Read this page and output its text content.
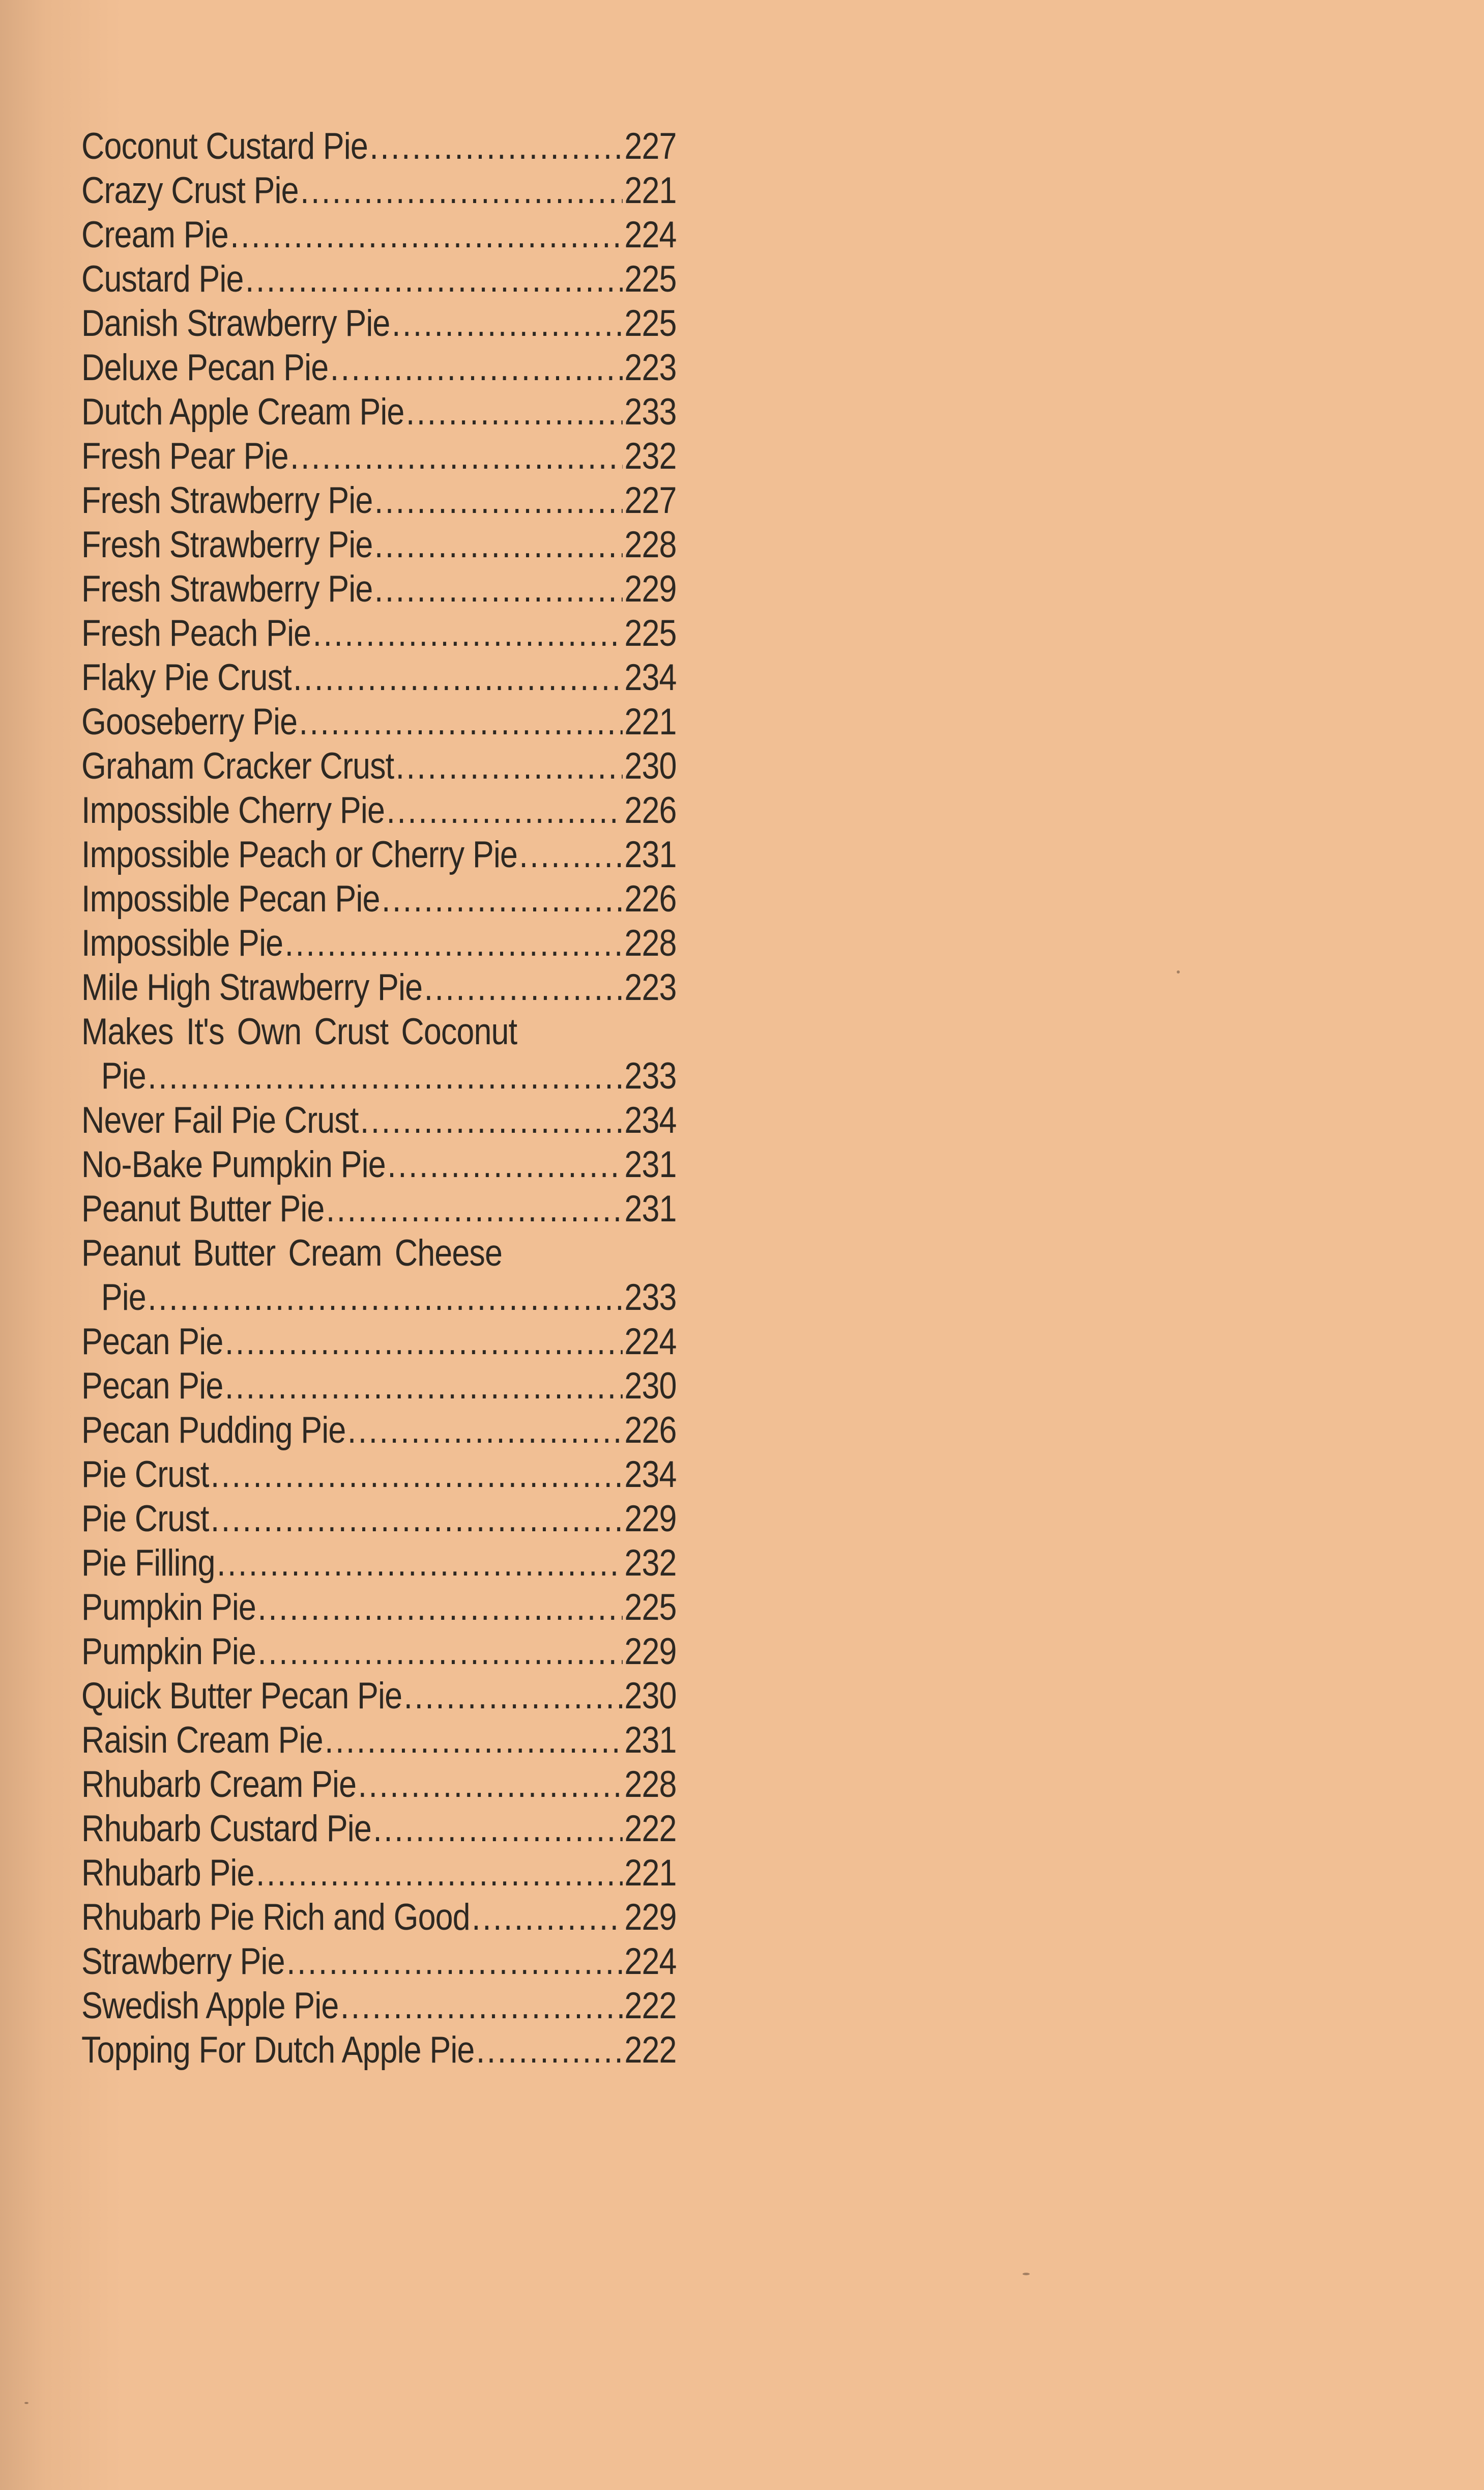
Coconut Custard Pie .....	227
Crazy Crust Pie .....	221
Cream Pie .....	224
Custard Pie .....	225
Danish Strawberry Pie .....	225
Deluxe Pecan Pie .....	223
Dutch Apple Cream Pie .....	233
Fresh Pear Pie .....	232
Fresh Strawberry Pie .....	227
Fresh Strawberry Pie .....	228
Fresh Strawberry Pie .....	229
Fresh Peach Pie .....	225
Flaky Pie Crust .....	234
Gooseberry Pie .....	221
Graham Cracker Crust .....	230
Impossible Cherry Pie .....	226
Impossible Peach or Cherry Pie .....	231
Impossible Pecan Pie .....	226
Impossible Pie .....	228
Mile High Strawberry Pie .....	223
Makes It's Own Crust Coconut
Pie .....	233
Never Fail Pie Crust .....	234
No-Bake Pumpkin Pie .....	231
Peanut Butter Pie .....	231
Peanut Butter Cream Cheese
Pie .....	233
Pecan Pie .....	224
Pecan Pie .....	230
Pecan Pudding Pie .....	226
Pie Crust .....	234
Pie Crust .....	229
Pie Filling .....	232
Pumpkin Pie .....	225
Pumpkin Pie .....	229
Quick Butter Pecan Pie .....	230
Raisin Cream Pie .....	231
Rhubarb Cream Pie .....	228
Rhubarb Custard Pie .....	222
Rhubarb Pie .....	221
Rhubarb Pie Rich and Good .....	229
Strawberry Pie .....	224
Swedish Apple Pie .....	222
Topping For Dutch Apple Pie .....	222
